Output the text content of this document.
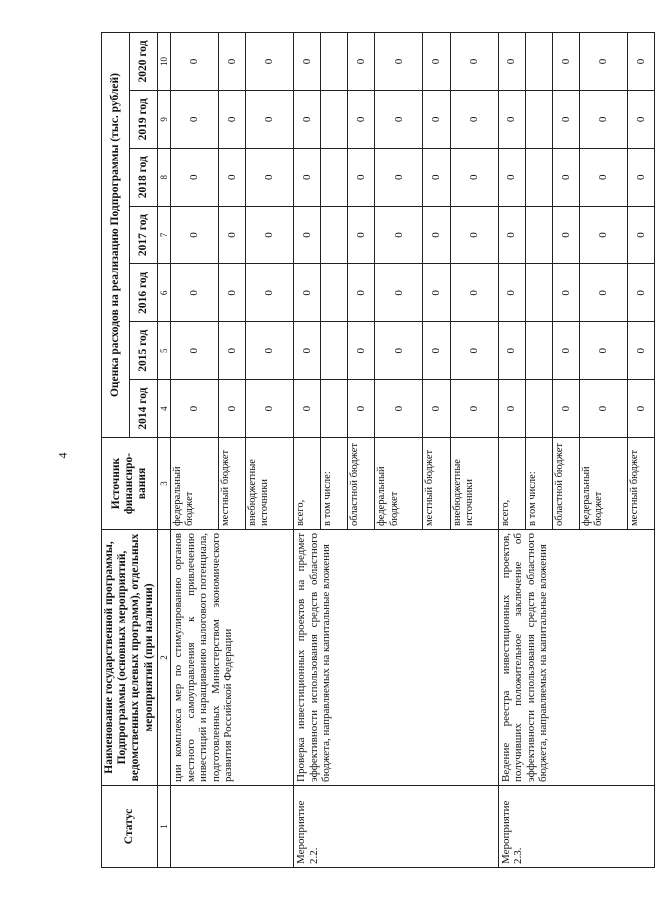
4
Статус	Наименование государственной программы, Подпрограммы (основных мероприятий, ведомственных целевых программ), отдельных мероприятий (при наличии)	Источник финансиро-вания	Оценка расходов на реализацию Подпрограммы (тыс. рублей)						
			2014 год	2015 год	2016 год	2017 год	2018 год	2019 год	2020 год
1	2	3	4	5	6	7	8	9	10
	ции комплекса мер по стимулированию органов местного самоуправления к привлечению инвестиций и наращиванию налогового потенциала, подготовленных Министерством экономического развития Российской Федерации	федеральный бюджет	0	0	0	0	0	0	0
		местный бюджет	0	0	0	0	0	0	0
		внебюджетные источники	0	0	0	0	0	0	0
Мероприятие 2.2.	Проверка инвестиционных проектов на предмет эффективности использования средств областного бюджета, направляемых на капитальные вложения	всего,	0	0	0	0	0	0	0
		в том числе:							
		областной бюджет	0	0	0	0	0	0	0
		федеральный бюджет	0	0	0	0	0	0	0
		местный бюджет	0	0	0	0	0	0	0
		внебюджетные источники	0	0	0	0	0	0	0
Мероприятие 2.3.	Ведение реестра инвестиционных проектов, получивших положительное заключение об эффективности использования средств областного бюджета, направляемых на капитальные вложения	всего,	0	0	0	0	0	0	0
		в том числе:							
		областной бюджет	0	0	0	0	0	0	0
		федеральный бюджет	0	0	0	0	0	0	0
		местный бюджет	0	0	0	0	0	0	0
